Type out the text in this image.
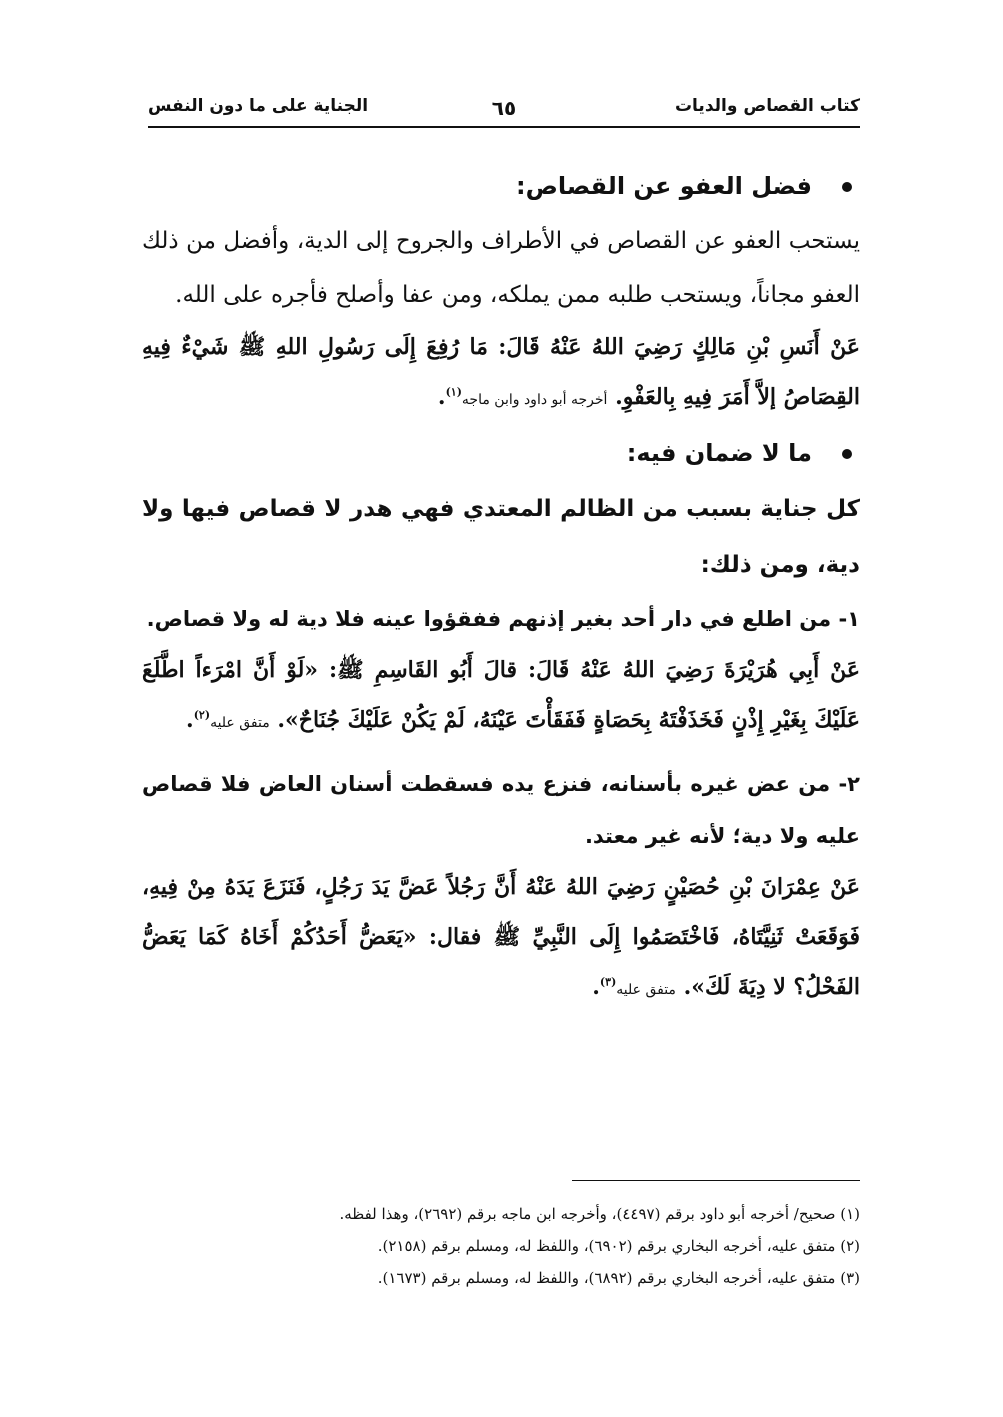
كتاب القصاص والديات
٦٥
الجناية على ما دون النفس

فضل العفو عن القصاص:

يستحب العفو عن القصاص في الأطراف والجروح إلى الدية، وأفضل من ذلك العفو مجاناً، ويستحب طلبه ممن يملكه، ومن عفا وأصلح فأجره على الله.

عَنْ أَنَسِ بْنِ مَالِكٍ رَضِيَ اللهُ عَنْهُ قَالَ: مَا رُفِعَ إِلَى رَسُولِ اللهِ ﷺ شَيْءٌ فِيهِ القِصَاصُ إلاَّ أَمَرَ فِيهِ بِالعَفْوِ. أخرجه أبو داود وابن ماجه$^{(١)}$.

ما لا ضمان فيه:

كل جناية بسبب من الظالم المعتدي فهي هدر لا قصاص فيها ولا دية، ومن ذلك:

١- من اطلع في دار أحد بغير إذنهم ففقؤوا عينه فلا دية له ولا قصاص.

عَنْ أَبِي هُرَيْرَةَ رَضِيَ اللهُ عَنْهُ قَالَ: قالَ أَبُو القَاسِمِ ﷺ: «لَوْ أَنَّ امْرَءاً اطَّلَعَ عَلَيْكَ بِغَيْرِ إِذْنٍ فَخَذَفْتَهُ بِحَصَاةٍ فَفَقَأْتَ عَيْنَهُ، لَمْ يَكُنْ عَلَيْكَ جُنَاحٌ». متفق عليه$^{(٢)}$.

٢- من عض غيره بأسنانه، فنزع يده فسقطت أسنان العاض فلا قصاص عليه ولا دية؛ لأنه غير معتد.

عَنْ عِمْرَانَ بْنِ حُصَيْنٍ رَضِيَ اللهُ عَنْهُ أَنَّ رَجُلاً عَضَّ يَدَ رَجُلٍ، فَنَزَعَ يَدَهُ مِنْ فِيهِ، فَوَقَعَتْ ثَنِيَّتَاهُ، فَاخْتَصَمُوا إِلَى النَّبِيِّ ﷺ فقال: «يَعَضُّ أَحَدُكُمْ أَخَاهُ كَمَا يَعَضُّ الفَحْلُ؟ لا دِيَةَ لَكَ». متفق عليه$^{(٣)}$.

(١) صحيح/ أخرجه أبو داود برقم (٤٤٩٧)، وأخرجه ابن ماجه برقم (٢٦٩٢)، وهذا لفظه.

(٢) متفق عليه، أخرجه البخاري برقم (٦٩٠٢)، واللفظ له، ومسلم برقم (٢١٥٨).

(٣) متفق عليه، أخرجه البخاري برقم (٦٨٩٢)، واللفظ له، ومسلم برقم (١٦٧٣).
